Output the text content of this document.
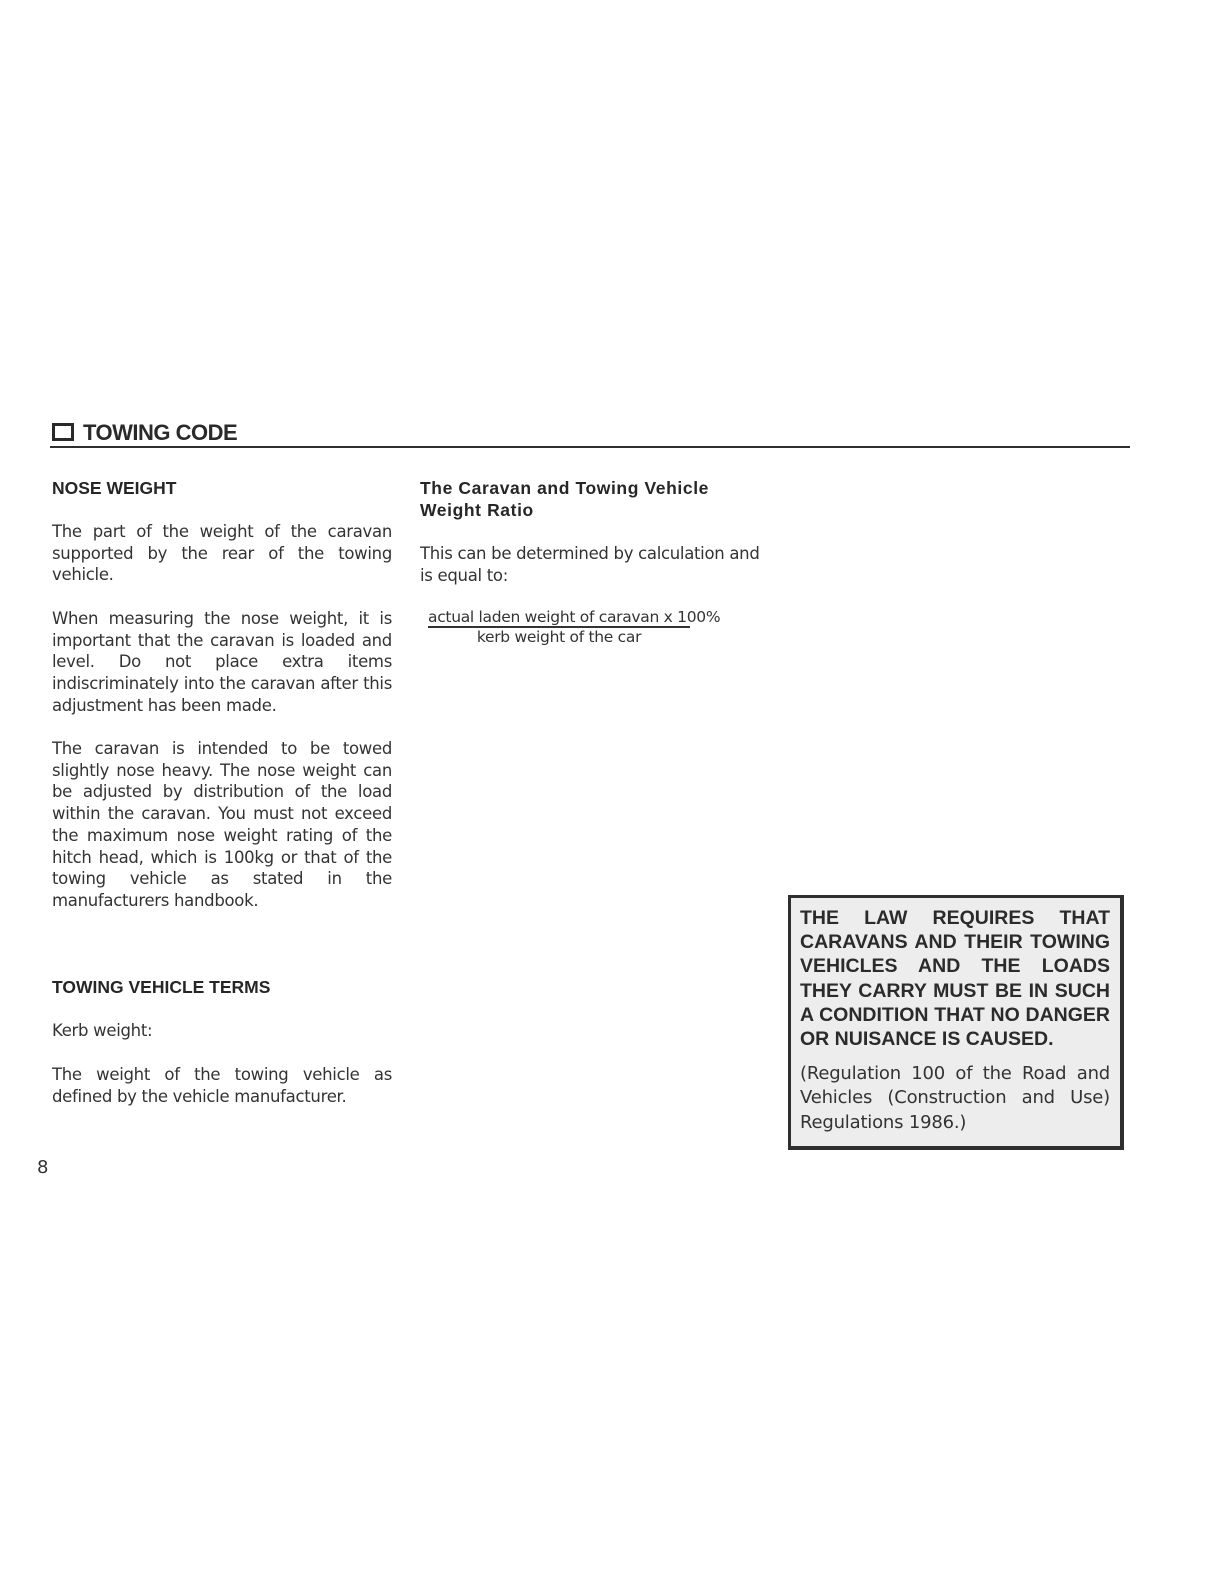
TOWING CODE
NOSE WEIGHT

The part of the weight of the caravan supported by the rear of the towing vehicle.

When measuring the nose weight, it is important that the caravan is loaded and level. Do not place extra items indiscriminately into the caravan after this adjustment has been made.

The caravan is intended to be towed slightly nose heavy. The nose weight can be adjusted by distribution of the load within the caravan. You must not exceed the maximum nose weight rating of the hitch head, which is 100kg or that of the towing vehicle as stated in the manufacturers handbook.

TOWING VEHICLE TERMS

Kerb weight:

The weight of the towing vehicle as defined by the vehicle manufacturer.

The Caravan and Towing Vehicle Weight Ratio

This can be determined by calculation and is equal to:

actual laden weight of caravan x 100%
kerb weight of the car

THE LAW REQUIRES THAT CARAVANS AND THEIR TOWING VEHICLES AND THE LOADS THEY CARRY MUST BE IN SUCH A CONDITION THAT NO DANGER OR NUISANCE IS CAUSED.

(Regulation 100 of the Road and Vehicles (Construction and Use) Regulations 1986.)

8
